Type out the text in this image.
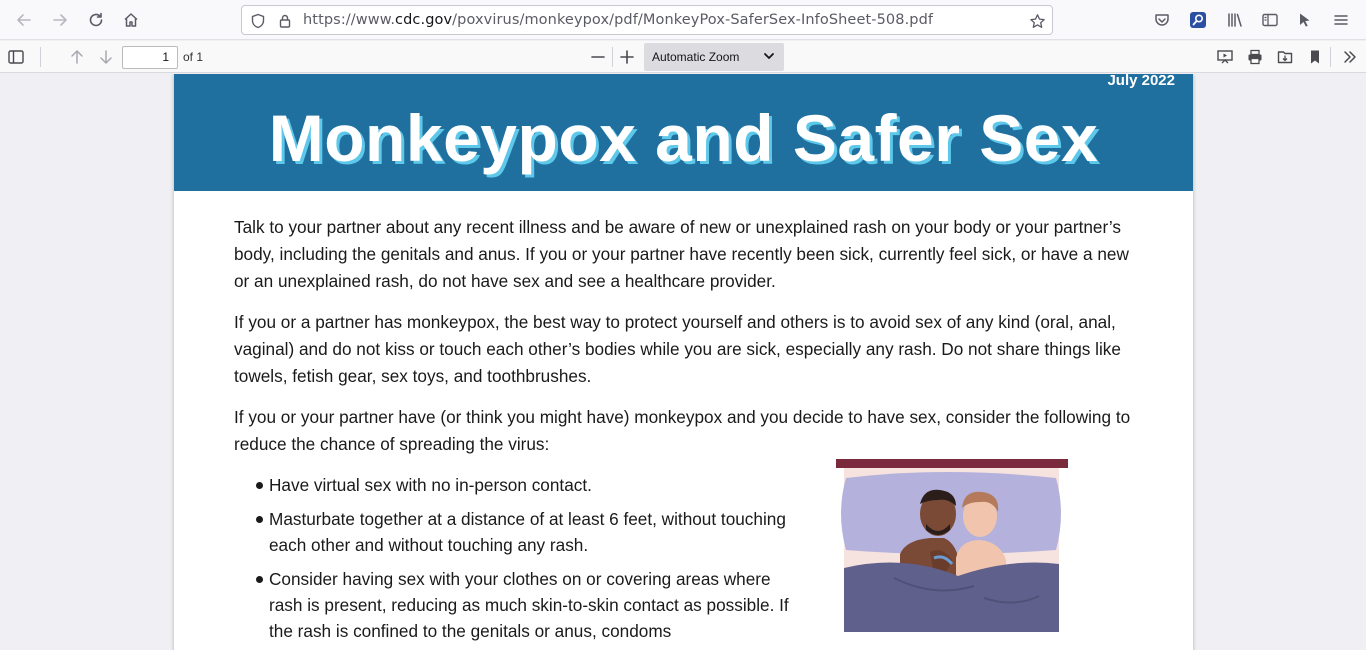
https://www.cdc.gov/poxvirus/monkeypox/pdf/MonkeyPox-SaferSex-InfoSheet-508.pdf
1	of 1	Automatic Zoom
July 2022
Monkeypox and Safer Sex

Talk to your partner about any recent illness and be aware of new or unexplained rash on your body or your partner’s body, including the genitals and anus. If you or your partner have recently been sick, currently feel sick, or have a new or an unexplained rash, do not have sex and see a healthcare provider.

If you or a partner has monkeypox, the best way to protect yourself and others is to avoid sex of any kind (oral, anal, vaginal) and do not kiss or touch each other’s bodies while you are sick, especially any rash. Do not share things like towels, fetish gear, sex toys, and toothbrushes.

If you or your partner have (or think you might have) monkeypox and you decide to have sex, consider the following to reduce the chance of spreading the virus:

Have virtual sex with no in-person contact.
Masturbate together at a distance of at least 6 feet, without touching each other and without touching any rash.
Consider having sex with your clothes on or covering areas where rash is present, reducing as much skin-to-skin contact as possible. If the rash is confined to the genitals or anus, condoms
